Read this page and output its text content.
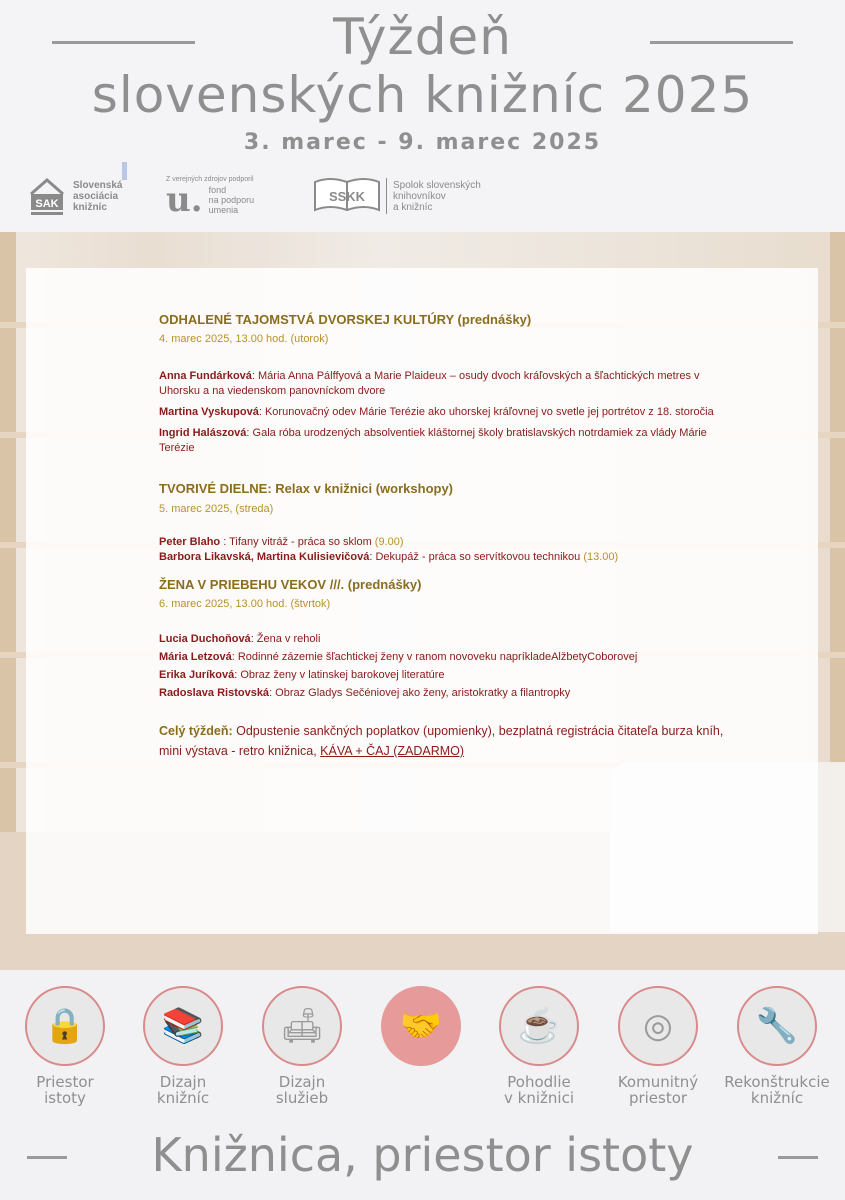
Týždeň
slovenských knižníc 2025
3. marec - 9. marec 2025
SAK
Slovenská
asociácia
knižníc
Z verejných zdrojov podporil
u. fond
na podporu
umenia
SSKK
Spolok slovenských
knihovníkov
a knižníc

ODHALENÉ TAJOMSTVÁ DVORSKEJ KULTÚRY (prednášky)

4. marec 2025, 13.00 hod. (utorok)

Anna Fundárková: Mária Anna Pálffyová a Marie Plaideux – osudy dvoch kráľovských a šľachtických metres v Uhorsku a na viedenskom panovníckom dvore

Martina Vyskupová: Korunovačný odev Márie Terézie ako uhorskej kráľovnej vo svetle jej portrétov z 18. storočia

Ingrid Halászová: Gala róba urodzených absolventiek kláštornej školy bratislavských notrdamiek za vlády Márie Terézie

TVORIVÉ DIELNE: Relax v knižnici (workshopy)

5. marec 2025, (streda)

Peter Blaho : Tifany vitráž - práca so sklom (9.00)

Barbora Likavská, Martina Kulisievičová: Dekupáž - práca so servítkovou technikou (13.00)

ŽENA V PRIEBEHU VEKOV ///. (prednášky)

6. marec 2025, 13.00 hod. (štvrtok)

Lucia Duchoňová: Žena v reholi

Mária Letzová: Rodinné zázemie šľachtickej ženy v ranom novoveku napríkladeAlžbetyCoborovej

Erika Juríková: Obraz ženy v latinskej barokovej literatúre

Radoslava Ristovská: Obraz Gladys Sečéniovej ako ženy, aristokratky a filantropky

Celý týždeň: Odpustenie sankčných poplatkov (upomienky), bezplatná registrácia čitateľa burza kníh, mini výstava - retro knižnica, KÁVA + ČAJ (ZADARMO)
🔒	📚	🛋	🤝	☕	◎	🔧
Priestor
istoty
Dizajn
knižníc
Dizajn
služieb
Pohodlie
v knižnici
Komunitný
priestor
Rekonštrukcie
knižníc
Knižnica, priestor istoty
